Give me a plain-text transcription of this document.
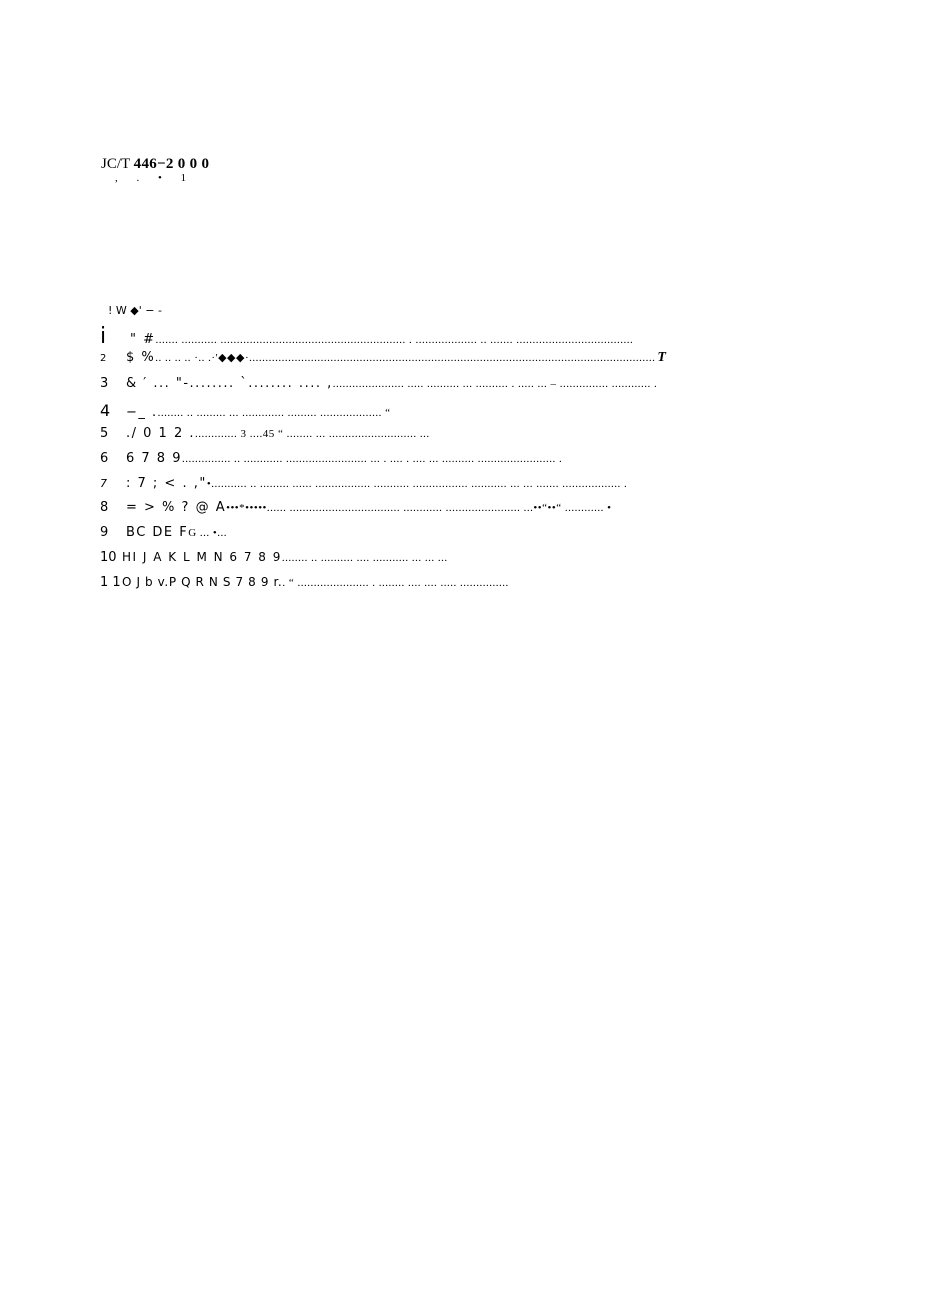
JC/T 446−2 0 0 0
, . • 1
! W ◆' − -
i	" # ....... ........... ......................................................... . ................... .. ....... ....................................
2	$ % .. .. .. .. ·.. .·'◆◆◆·............................................................................................................................. T
3	& ′ ... "-........ `........ .... , ...................... ..... .......... ... .......... . ..... ... – ............... ............ .
4	−_ . ........ .. ......... ... ............. ......... ................... “
5	./ 0 1 2 . ............. 3 ....45 “ ........ ... ........................... ...
6	6 7 8 9 ............... .. ............ ......................... ... . .... . .... ... .......... ........................ .
7	: 7 ; < . ," •........... .. ......... ...... ................. ........... ................. ........... ... ... ....... .................. .
8	= > % ? @ A •••*•••••...... .................................. ............ ....................... ...••“••“ ............ •
9	BC DE F G ... •...
10 HI J A K L M N 6 7 8 9 ........ .. .......... .... ........... ... ... ...
1 1 O J b v.P Q R N S 7 8 9 r. . “ ...................... . ........ .... .... ..... ...............
